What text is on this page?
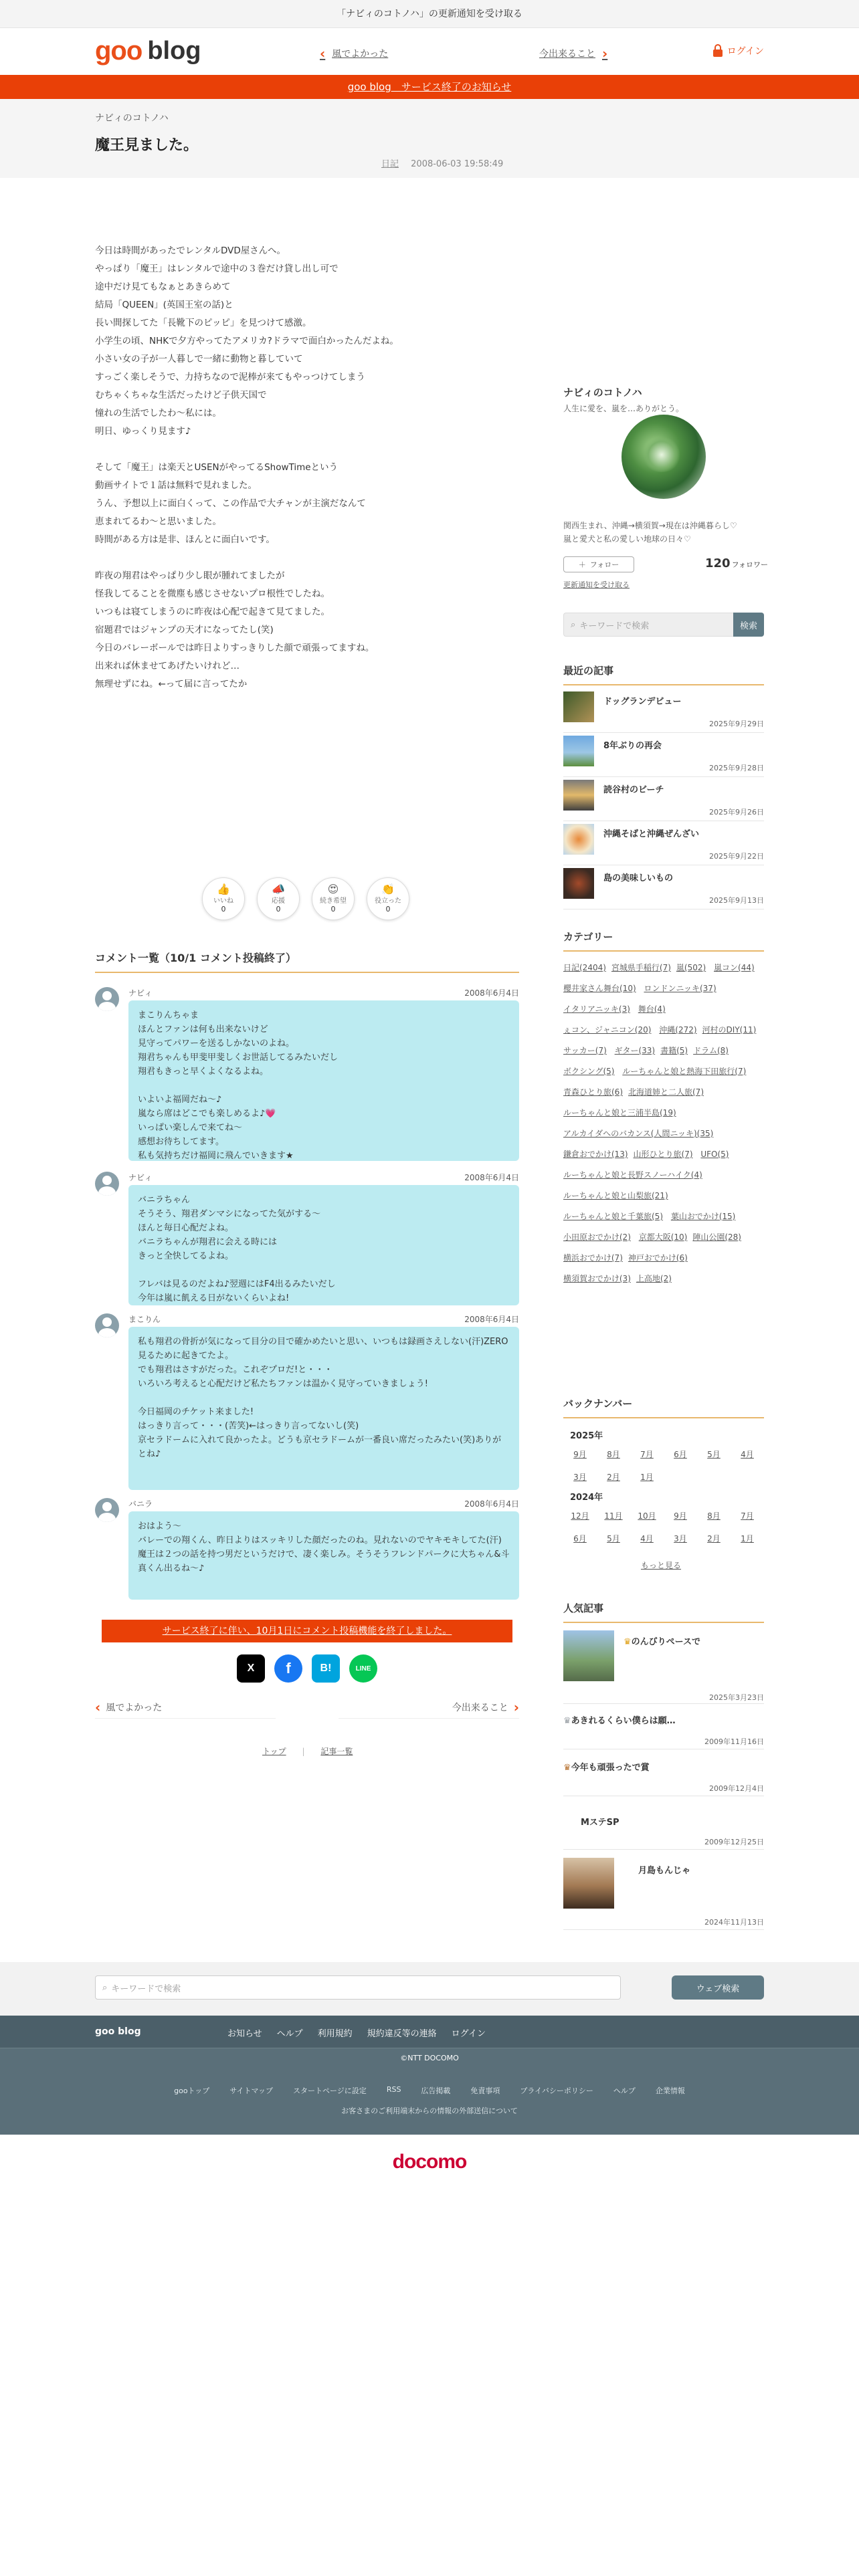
「ナビィのコトノハ」の更新通知を受け取る
goo blog	‹ 風でよかった	今出来ること ›	ログイン
goo blog　サービス終了のお知らせ
ナビィのコトノハ
魔王見ました。
日記 2008-06-03 19:58:49
今日は時間があったでレンタルDVD屋さんへ。
やっぱり「魔王」はレンタルで途中の３巻だけ貸し出し可で
途中だけ見てもなぁとあきらめて
結局「QUEEN」(英国王室の話)と
長い間探してた「長靴下のピッピ」を見つけて感激。
小学生の頃、NHKで夕方やってたアメリカ?ドラマで面白かったんだよね。
小さい女の子が一人暮しで一緒に動物と暮していて
すっごく楽しそうで、力持ちなので泥棒が来てもやっつけてしまう
むちゃくちゃな生活だったけど子供天国で
憧れの生活でしたわ〜私には。
明日、ゆっくり見ます♪

そして「魔王」は楽天とUSENがやってるShowTimeという
動画サイトで１話は無料で見れました。
うん、予想以上に面白くって、この作品で大チャンが主演だなんて
恵まれてるわ〜と思いました。
時間がある方は是非、ほんとに面白いです。

昨夜の翔君はやっぱり少し眼が腫れてましたが
怪我してることを微塵も感じさせないプロ根性でしたね。
いつもは寝てしまうのに昨夜は心配で起きて見てました。
宿題君ではジャンプの天才になってたし(笑)
今日のバレーボールでは昨日よりすっきりした顔で頑張ってますね。
出来れば休ませてあげたいけれど…
無理せずにね。←って届に言ってたか
👍
いいね
0
📣
応援
0
😍
続き希望
0
👏
役立った
0
コメント一覧（10/1 コメント投稿終了）
ナビィ	2008年6月4日
まこりんちゃま
ほんとファンは何も出来ないけど
見守ってパワーを送るしかないのよね。
翔君ちゃんも甲斐甲斐しくお世話してるみたいだし
翔君もきっと早くよくなるよね。

いよいよ福岡だね〜♪
嵐なら席はどこでも楽しめるよ♪💗
いっぱい楽しんで来てね〜
感想お待ちしてます。
私も気持ちだけ福岡に飛んでいきます★
ナビィ	2008年6月4日
バニラちゃん
そうそう、翔君ダンマシになってた気がする〜
ほんと毎日心配だよね。
バニラちゃんが翔君に会える時には
きっと全快してるよね。

フレバは見るのだよね♪翌週にはF4出るみたいだし
今年は嵐に飢える日がないくらいよね!
まこりん	2008年6月4日
私も翔君の骨折が気になって目分の目で確かめたいと思い、いつもは録画さえしない(汗)ZERO見るために起きてたよ。
でも翔君はさすがだった。これぞプロだ!と・・・
いろいろ考えると心配だけど私たちファンは温かく見守っていきましょう!

今日福岡のチケット来ました!
はっきり言って・・・(苦笑)←はっきり言ってないし(笑)
京セラドームに入れて良かったよ。どうも京セラドームが一番良い席だったみたい(笑)ありがとね♪
バニラ	2008年6月4日
おはよう〜
バレーでの翔くん、昨日よりはスッキリした顔だったのね。見れないのでヤキモキしてた(汗)
魔王は２つの話を持つ男だというだけで、凄く楽しみ。そうそうフレンドパークに大ちゃん&斗真くん出るね〜♪
サービス終了に伴い、10月1日にコメント投稿機能を終了しました。
X	f	B!	LINE
‹ 風でよかった	今出来ること ›
トップ | 記事一覧
ナビィのコトノハ
人生に愛を、嵐を…ありがとう。
関西生まれ、沖縄→横須賀→現在は沖縄暮らし♡
嵐と愛犬と私の愛しい地球の日々♡
＋ フォロー	120 フォロワー
更新通知を受け取る
⌕ キーワードで検索	検索
最近の記事
ドッグランデビュー
2025年9月29日
8年ぶりの再会
2025年9月28日
読谷村のビーチ
2025年9月26日
沖縄そばと沖縄ぜんざい
2025年9月22日
島の美味しいもの
2025年9月13日
カテゴリー
日記(2404) 宮城県手稲行(7) 嵐(502) 嵐コン(44)櫻井家さん舞台(10) ロンドンニッキ(37)イタリアニッキ(3) 舞台(4)ぇコン、ジャニコン(20) 沖縄(272) 河村のDIY(11)サッカー(7) ギター(33) 書籍(5) ドラム(8) ボクシング(5) ルーちゃんと娘と熱海下田旅行(7) 青森ひとり旅(6) 北海道姉と二人旅(7) ルーちゃんと娘と三浦半島(19) アルカイダへのバカンス(人間ニッキ)(35) 鎌倉おでかけ(13) 山形ひとり旅(7) UFO(5) ルーちゃんと娘と長野スノーハイク(4) ルーちゃんと娘と山梨旅(21) ルーちゃんと娘と千葉旅(5) 葉山おでかけ(15)小田原おでかけ(2) 京都大阪(10) 陣山公園(28) 横浜おでかけ(7) 神戸おでかけ(6) 横須賀おでかけ(3) 上高地(2)
バックナンバー
2025年
9月	8月	7月	6月	5月	4月
3月	2月	1月
2024年
12月	11月	10月	9月	8月	7月
6月	5月	4月	3月	2月	1月
もっと見る
人気記事
♛のんびりペースで
2025年3月23日
♛あきれるくらい僕らは願…
2009年11月16日
♛今年も頑張ったで賞
2009年12月4日
MステSP
2009年12月25日
月島もんじゃ
2024年11月13日
⌕ キーワードで検索	ウェブ検索
goo blog	お知らせ ヘルプ 利用規約 規約違反等の連絡 ログイン
©NTT DOCOMO
gooトップ	サイトマップ	スタートページに設定	RSS	広告掲載	免責事項	プライバシーポリシー	ヘルプ	企業情報
お客さまのご利用端末からの情報の外部送信について
docomo
